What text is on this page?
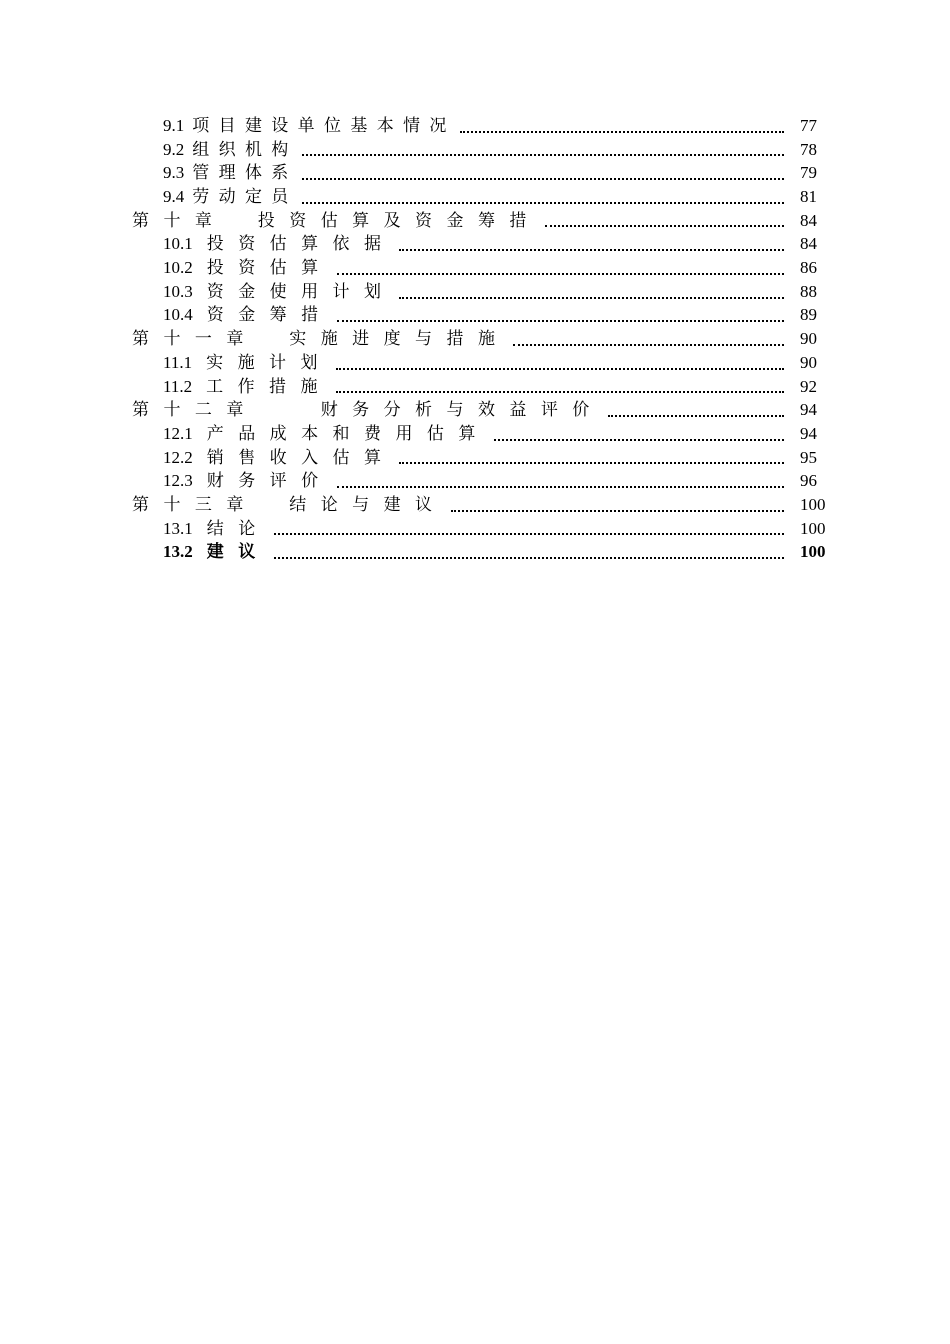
9.1 项目建设单位基本情况	77
9.2 组织机构	78
9.3 管理体系	79
9.4 劳动定员	81
第十章　投资估算及资金筹措	84
10.1 投资估算依据	84
10.2 投资估算	86
10.3 资金使用计划	88
10.4 资金筹措	89
第十一章　实施进度与措施	90
11.1 实施计划	90
11.2 工作措施	92
第十二章　　财务分析与效益评价	94
12.1 产品成本和费用估算	94
12.2 销售收入估算	95
12.3 财务评价	96
第十三章　结论与建议	100
13.1 结论	100
13.2 建议	100
